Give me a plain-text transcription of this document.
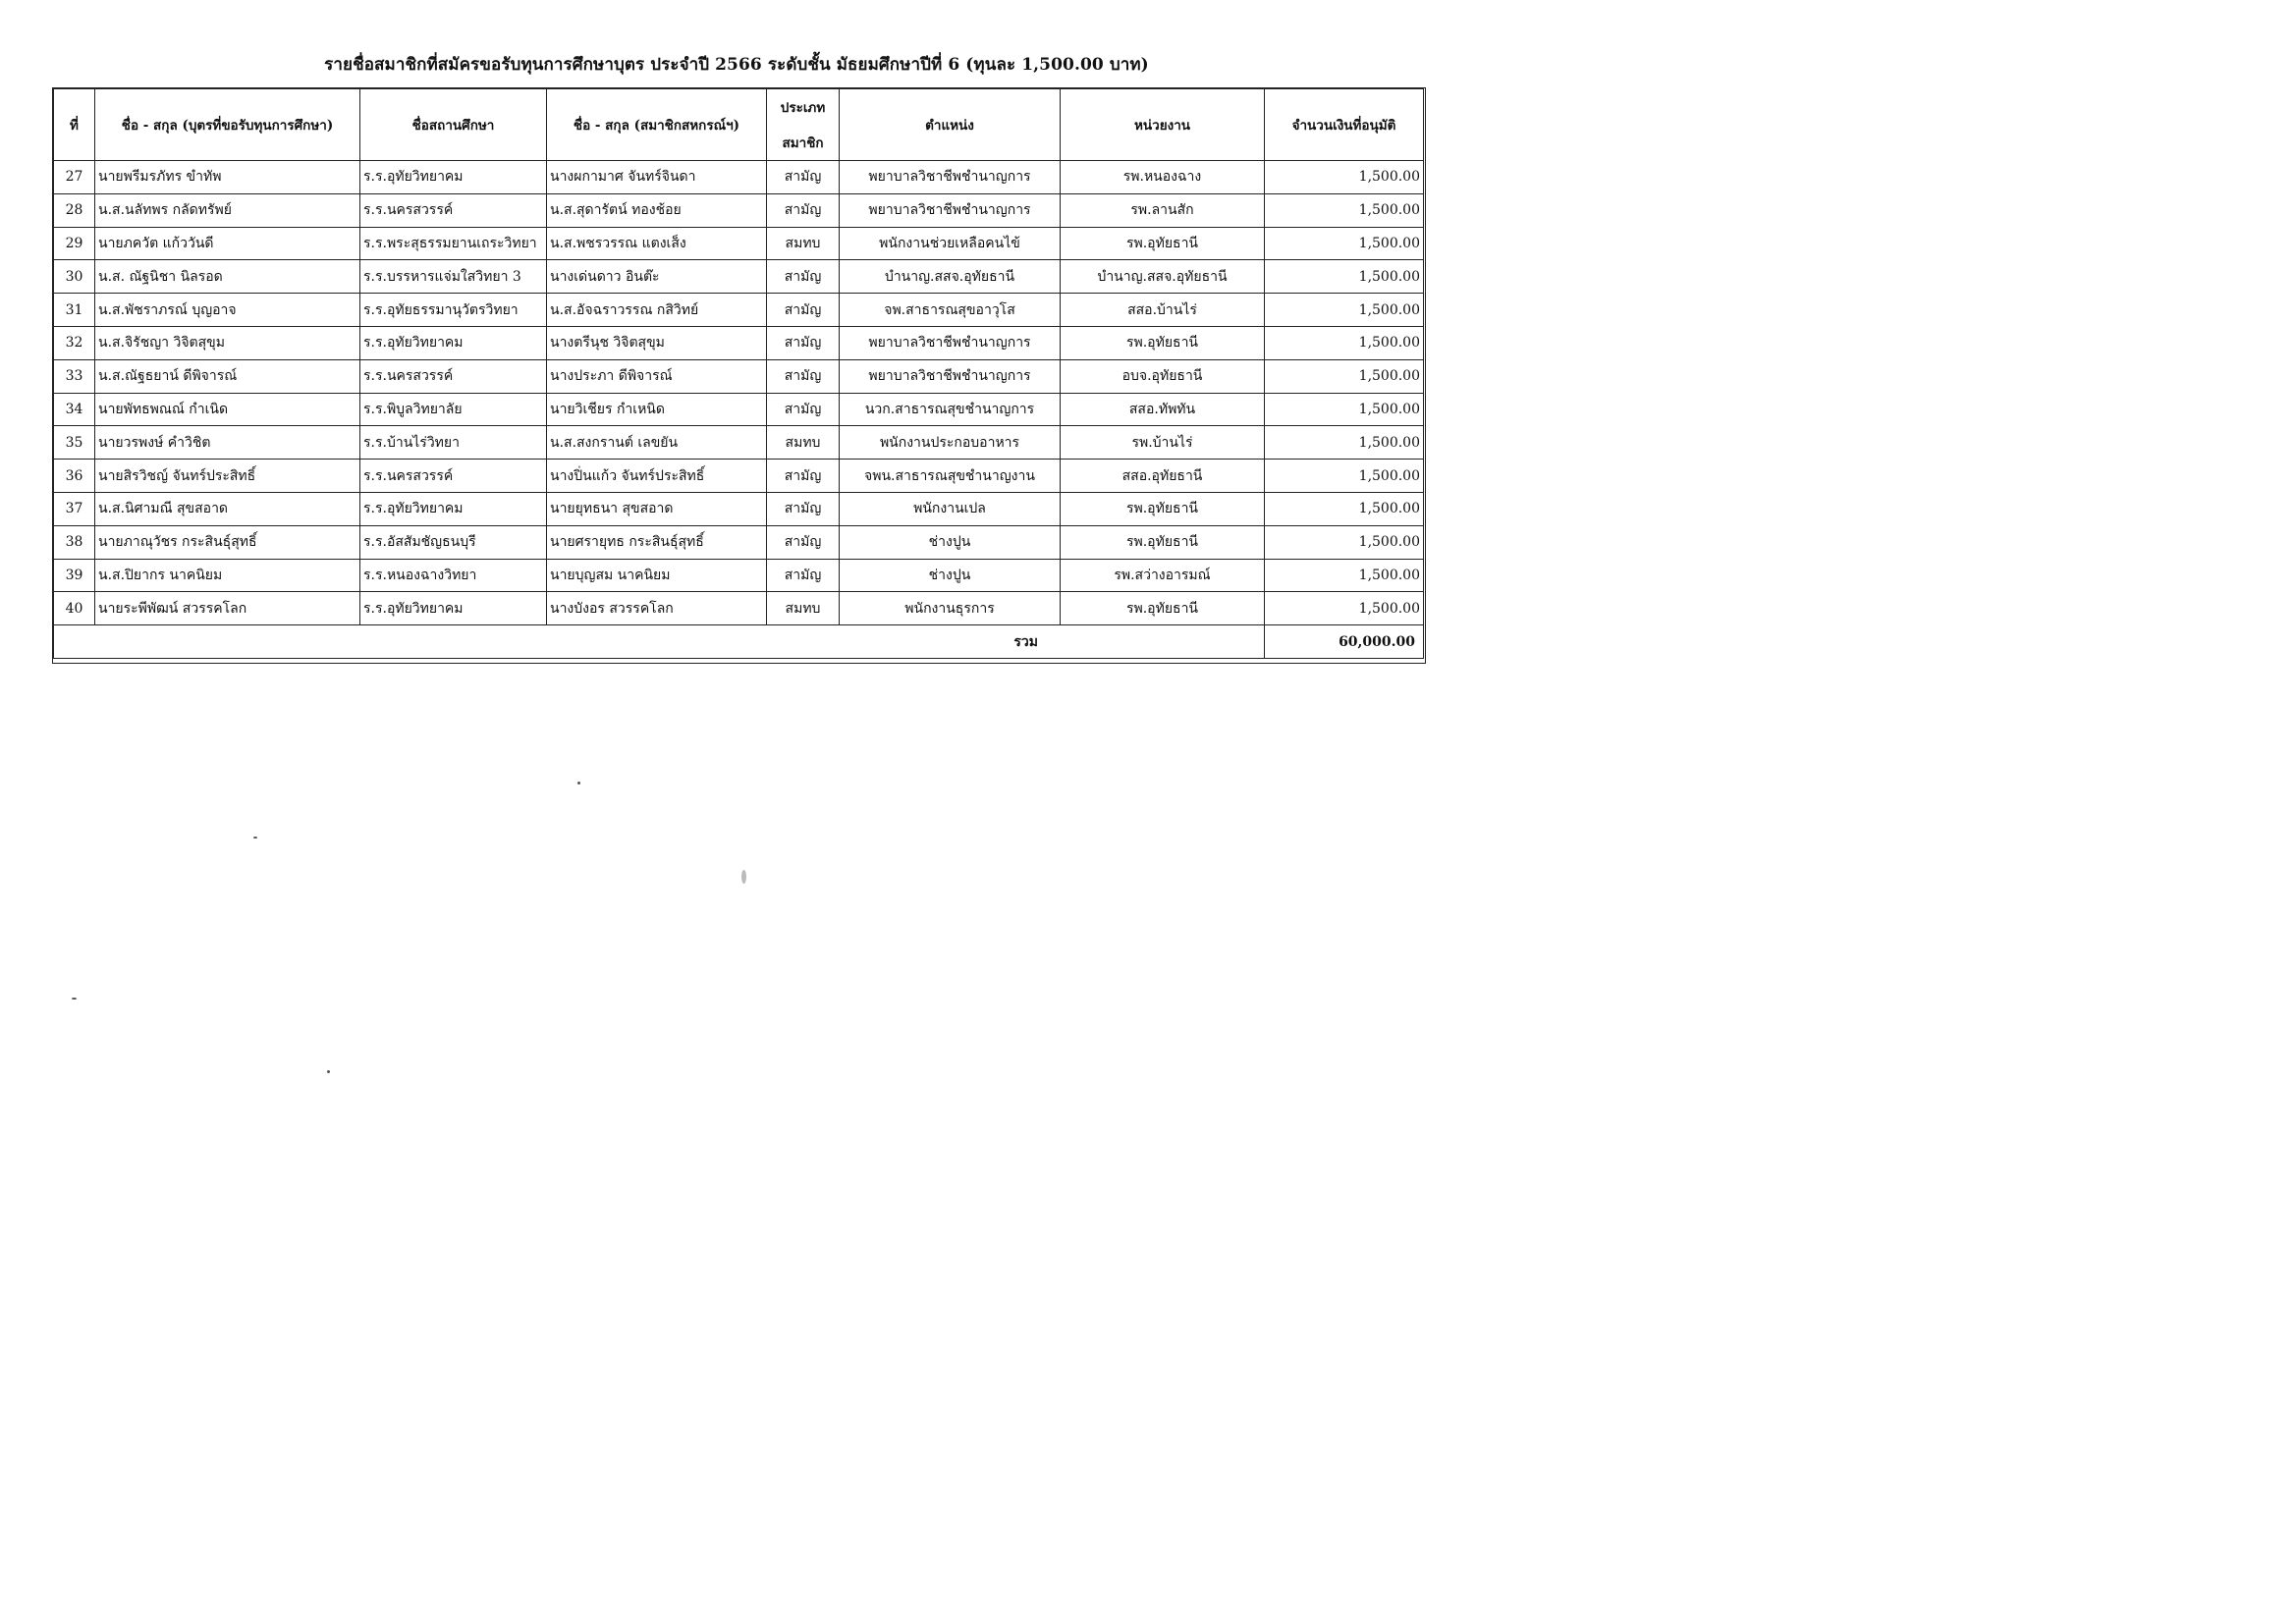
รายชื่อสมาชิกที่สมัครขอรับทุนการศึกษาบุตร ประจำปี 2566 ระดับชั้น มัธยมศึกษาปีที่ 6 (ทุนละ 1,500.00 บาท)
ที่	ชื่อ - สกุล (บุตรที่ขอรับทุนการศึกษา)	ชื่อสถานศึกษา	ชื่อ - สกุล (สมาชิกสหกรณ์ฯ)	ประเภท
สมาชิก	ตำแหน่ง	หน่วยงาน	จำนวนเงินที่อนุมัติ
27	นายพรีมรภัทร ขำทัพ	ร.ร.อุทัยวิทยาคม	นางผกามาศ จันทร์จินดา	สามัญ	พยาบาลวิชาชีพชำนาญการ	รพ.หนองฉาง	1,500.00
28	น.ส.นลัทพร กลัดทรัพย์	ร.ร.นครสวรรค์	น.ส.สุดารัตน์ ทองช้อย	สามัญ	พยาบาลวิชาชีพชำนาญการ	รพ.ลานสัก	1,500.00
29	นายภควัต แก้ววันดี	ร.ร.พระสุธรรมยานเถระวิทยา	น.ส.พชรวรรณ แตงเส็ง	สมทบ	พนักงานช่วยเหลือคนไข้	รพ.อุทัยธานี	1,500.00
30	น.ส. ณัฐนิชา นิลรอด	ร.ร.บรรหารแจ่มใสวิทยา 3	นางเด่นดาว อินต๊ะ	สามัญ	บำนาญ.สสจ.อุทัยธานี	บำนาญ.สสจ.อุทัยธานี	1,500.00
31	น.ส.พัชราภรณ์ บุญอาจ	ร.ร.อุทัยธรรมานุวัตรวิทยา	น.ส.อัจฉราวรรณ กสิวิทย์	สามัญ	จพ.สาธารณสุขอาวุโส	สสอ.บ้านไร่	1,500.00
32	น.ส.จิรัชญา วิจิตสุขุม	ร.ร.อุทัยวิทยาคม	นางตรีนุช วิจิตสุขุม	สามัญ	พยาบาลวิชาชีพชำนาญการ	รพ.อุทัยธานี	1,500.00
33	น.ส.ณัฐธยาน์ ดีพิจารณ์	ร.ร.นครสวรรค์	นางประภา ดีพิจารณ์	สามัญ	พยาบาลวิชาชีพชำนาญการ	อบจ.อุทัยธานี	1,500.00
34	นายพัทธพณณ์ กำเนิด	ร.ร.พิบูลวิทยาลัย	นายวิเชียร กำเหนิด	สามัญ	นวก.สาธารณสุขชำนาญการ	สสอ.ทัพทัน	1,500.00
35	นายวรพงษ์ คำวิชิต	ร.ร.บ้านไร่วิทยา	น.ส.สงกรานต์ เลขยัน	สมทบ	พนักงานประกอบอาหาร	รพ.บ้านไร่	1,500.00
36	นายสิรวิชญ์ จันทร์ประสิทธิ์	ร.ร.นครสวรรค์	นางปิ่นแก้ว จันทร์ประสิทธิ์	สามัญ	จพน.สาธารณสุขชำนาญงาน	สสอ.อุทัยธานี	1,500.00
37	น.ส.นิศามณี สุขสอาด	ร.ร.อุทัยวิทยาคม	นายยุทธนา สุขสอาด	สามัญ	พนักงานเปล	รพ.อุทัยธานี	1,500.00
38	นายภาณุวัชร กระสินธุ์สุทธิ์	ร.ร.อัสสัมชัญธนบุรี	นายศรายุทธ กระสินธุ์สุทธิ์	สามัญ	ช่างปูน	รพ.อุทัยธานี	1,500.00
39	น.ส.ปิยากร นาคนิยม	ร.ร.หนองฉางวิทยา	นายบุญสม นาคนิยม	สามัญ	ช่างปูน	รพ.สว่างอารมณ์	1,500.00
40	นายระพีพัฒน์ สวรรคโลก	ร.ร.อุทัยวิทยาคม	นางบังอร สวรรคโลก	สมทบ	พนักงานธุรการ	รพ.อุทัยธานี	1,500.00
รวม							60,000.00
